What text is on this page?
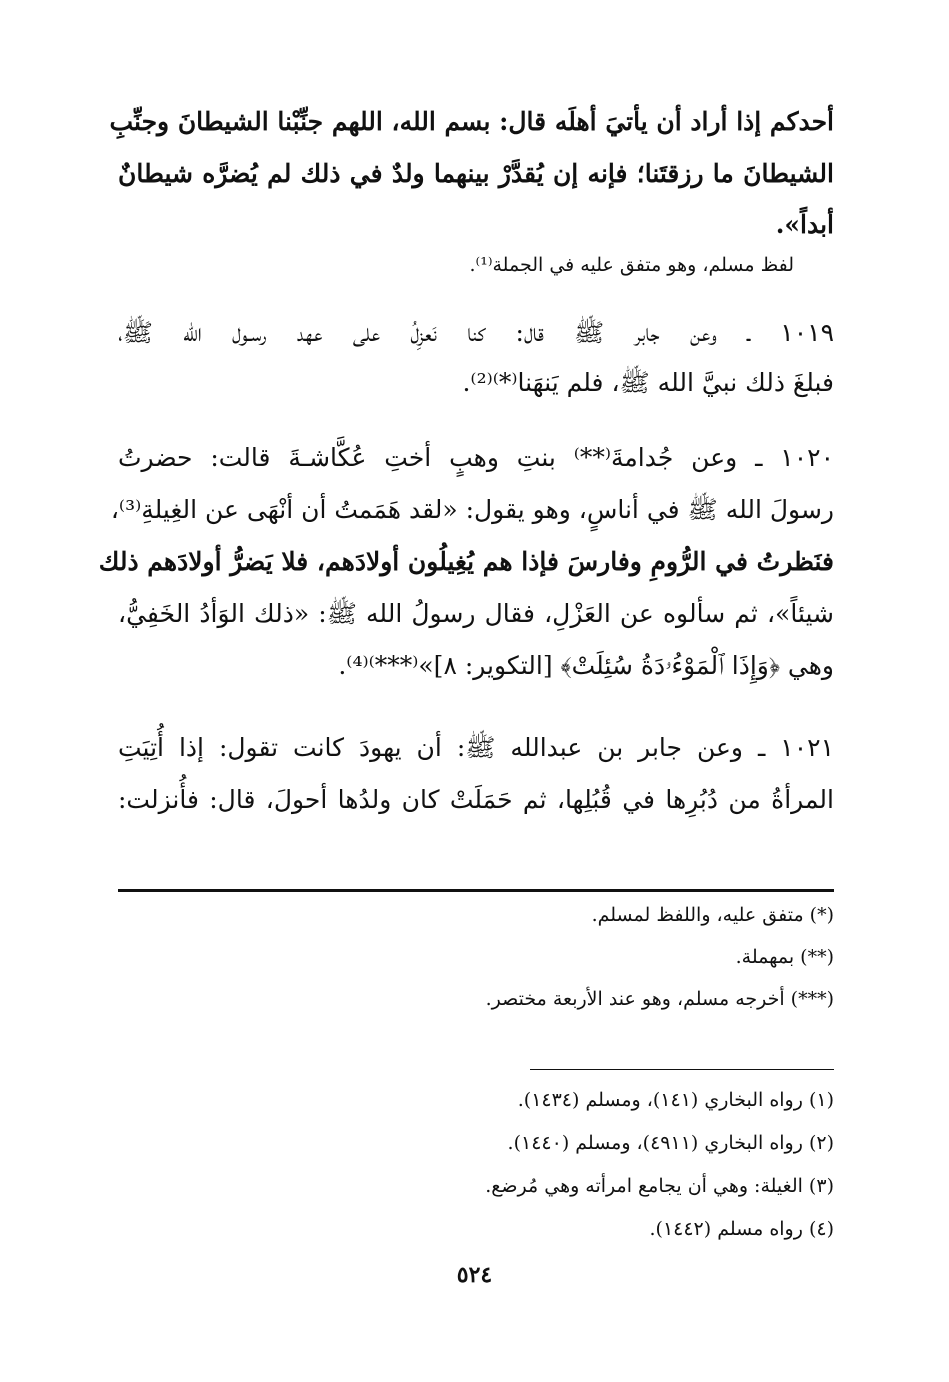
أحدكم إذا أراد أن يأتيَ أهلَه قال: بسم الله، اللهم جنِّبْنا الشيطانَ وجنِّبِ
الشيطانَ ما رزقتَنا؛ فإنه إن يُقدَّرْ بينهما ولدٌ في ذلك لم يُضرَّه شيطانٌ
أبداً».
لفظ مسلم، وهو متفق عليه في الجملة⁽¹⁾.
١٠١٩ ـ وعن جابر ﷺ قال: كنا نَعزِلُ على عهد رسـول الله ﷺ،
فبلغَ ذلك نبيَّ الله ﷺ، فلم يَنهَنا⁽*⁾⁽²⁾.
١٠٢٠ ـ وعن جُدامةَ⁽**⁾ بنتِ وهبٍ أختِ عُكَّاشـةَ قالت: حضرتُ
رسولَ الله ﷺ في أناسٍ، وهو يقول: «لقد هَمَمتُ أن أنْهَى عن الغِيلةِ⁽³⁾،
فنَظرتُ في الرُّومِ وفارسَ فإذا هم يُغِيلُون أولادَهم، فلا يَضرُّ أولادَهم ذلك
شيئاً»، ثم سألوه عن العَزْلِ، فقال رسولُ الله ﷺ: «ذلك الوَأدُ الخَفِيُّ،
وهي ﴿وَإِذَا ٱلْمَوْءُۥدَةُ سُئِلَتْ﴾ [التكوير: ٨]»⁽***⁾⁽⁴⁾.
١٠٢١ ـ وعن جابر بن عبدالله ﷺ: أن يهودَ كانت تقول: إذا أُتِيَتِ
المرأةُ من دُبُرِها في قُبُلِها، ثم حَمَلَتْ كان ولدُها أحولَ، قال: فأُنزلت:
(*) متفق عليه، واللفظ لمسلم.
(**) بمهملة.
(***) أخرجه مسلم، وهو عند الأربعة مختصر.
(١) رواه البخاري (١٤١)، ومسلم (١٤٣٤).
(٢) رواه البخاري (٤٩١١)، ومسلم (١٤٤٠).
(٣) الغيلة: وهي أن يجامع امرأته وهي مُرضع.
(٤) رواه مسلم (١٤٤٢).
٥٢٤
